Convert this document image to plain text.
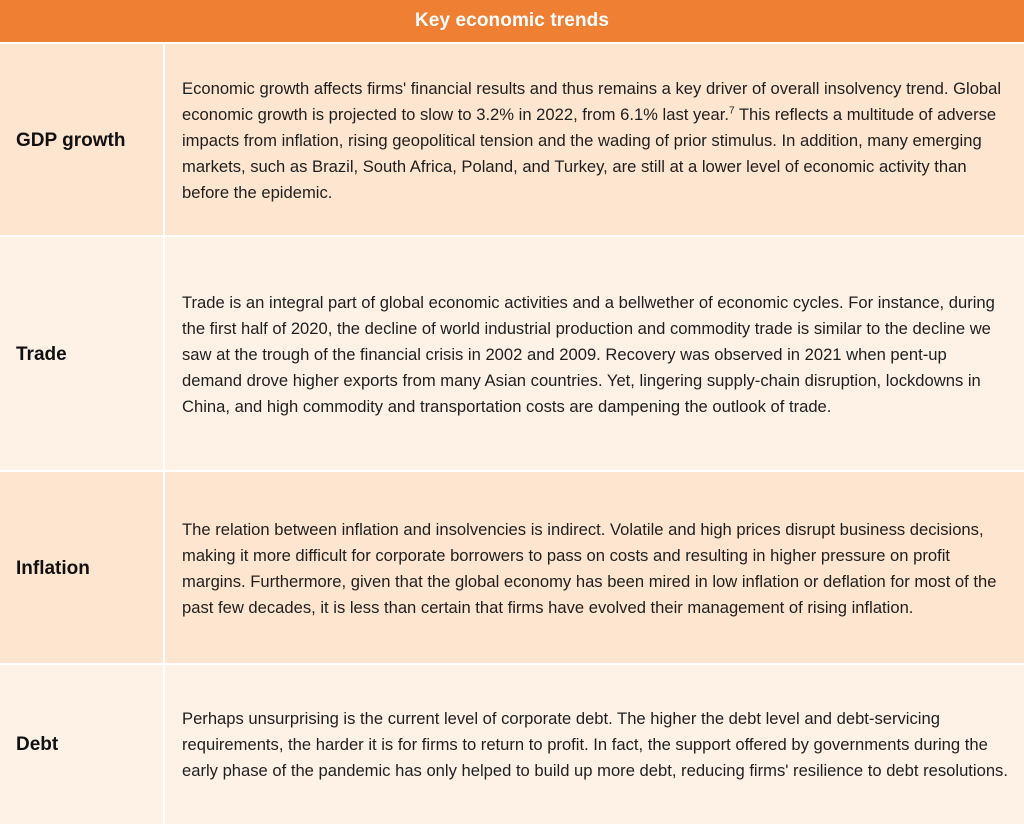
Key economic trends
GDP growth

Economic growth affects firms' financial results and thus remains a key driver of overall insolvency trend. Global economic growth is projected to slow to 3.2% in 2022, from 6.1% last year.$^7$ This reflects a multitude of adverse impacts from inflation, rising geopolitical tension and the wading of prior stimulus. In addition, many emerging markets, such as Brazil, South Africa, Poland, and Turkey, are still at a lower level of economic activity than before the epidemic.

Trade

Trade is an integral part of global economic activities and a bellwether of economic cycles. For instance, during the first half of 2020, the decline of world industrial production and commodity trade is similar to the decline we saw at the trough of the financial crisis in 2002 and 2009. Recovery was observed in 2021 when pent-up demand drove higher exports from many Asian countries. Yet, lingering supply-chain disruption, lockdowns in China, and high commodity and transportation costs are dampening the outlook of trade.

Inflation

The relation between inflation and insolvencies is indirect. Volatile and high prices disrupt business decisions, making it more difficult for corporate borrowers to pass on costs and resulting in higher pressure on profit margins. Furthermore, given that the global economy has been mired in low inflation or deflation for most of the past few decades, it is less than certain that firms have evolved their management of rising inflation.

Debt

Perhaps unsurprising is the current level of corporate debt. The higher the debt level and debt-servicing requirements, the harder it is for firms to return to profit. In fact, the support offered by governments during the early phase of the pandemic has only helped to build up more debt, reducing firms' resilience to debt resolutions.
